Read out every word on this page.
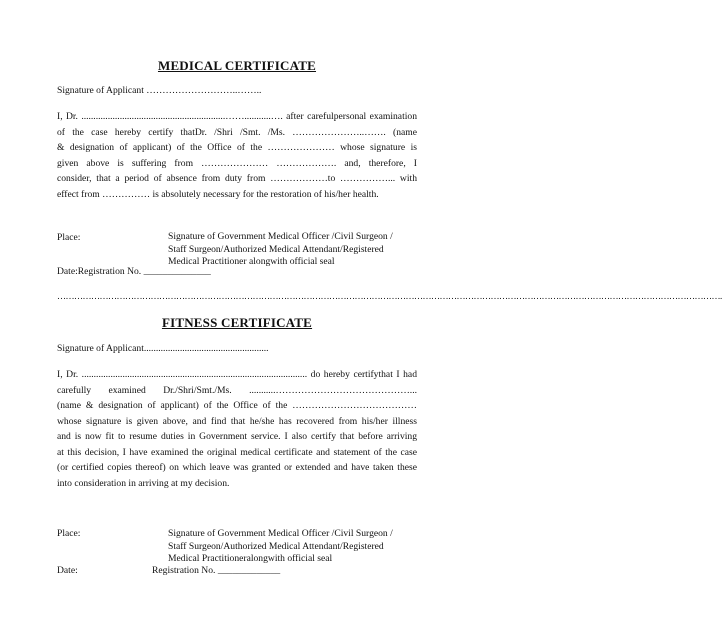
MEDICAL CERTIFICATE
Signature of Applicant ………………………..……..
I, Dr. ............................................................……...........…. after carefulpersonal examination
of the case hereby certify thatDr. /Shri /Smt. /Ms. …………………..……. (name
& designation of applicant) of the Office of the ………………… whose signature is
given above is suffering from ………………… ………………. and, therefore, I
consider, that a period of absence from duty from ………………to ……………... with
effect from …………… is absolutely necessary for the restoration of his/her health.
Place:	Signature of Government Medical Officer /Civil Surgeon /
Staff Surgeon/Authorized Medical Attendant/Registered
Medical Practitioner alongwith official seal
Date:Registration No. ______________
……………………………………………………………………………………………………………………………………………………………………………………………………………….
FITNESS CERTIFICATE
Signature of Applicant....................................................
I, Dr. .............................................................................................. do hereby certifythat I had
carefully examined Dr./Shri/Smt./Ms. ...........……………………………………...
(name & designation of applicant) of the Office of the …………………………………
whose signature is given above, and find that he/she has recovered from his/her illness
and is now fit to resume duties in Government service. I also certify that before arriving
at this decision, I have examined the original medical certificate and statement of the case
(or certified copies thereof) on which leave was granted or extended and have taken these
into consideration in arriving at my decision.
Place:	Signature of Government Medical Officer /Civil Surgeon /
Staff Surgeon/Authorized Medical Attendant/Registered
Medical Practitioneralongwith official seal
Date:	Registration No. _____________
